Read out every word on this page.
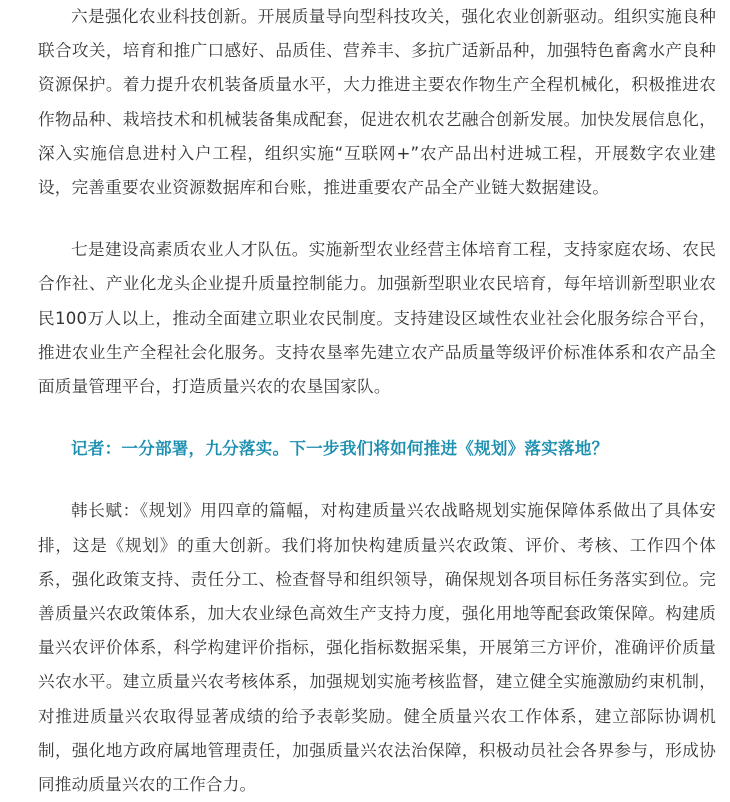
六是强化农业科技创新。开展质量导向型科技攻关，强化农业创新驱动。组织实施良种联合攻关，培育和推广口感好、品质佳、营养丰、多抗广适新品种，加强特色畜禽水产良种资源保护。着力提升农机装备质量水平，大力推进主要农作物生产全程机械化，积极推进农作物品种、栽培技术和机械装备集成配套，促进农机农艺融合创新发展。加快发展信息化，深入实施信息进村入户工程，组织实施“互联网+”农产品出村进城工程，开展数字农业建设，完善重要农业资源数据库和台账，推进重要农产品全产业链大数据建设。

七是建设高素质农业人才队伍。实施新型农业经营主体培育工程，支持家庭农场、农民合作社、产业化龙头企业提升质量控制能力。加强新型职业农民培育，每年培训新型职业农民100万人以上，推动全面建立职业农民制度。支持建设区域性农业社会化服务综合平台，推进农业生产全程社会化服务。支持农垦率先建立农产品质量等级评价标准体系和农产品全面质量管理平台，打造质量兴农的农垦国家队。

记者：一分部署，九分落实。下一步我们将如何推进《规划》落实落地？

韩长赋：《规划》用四章的篇幅，对构建质量兴农战略规划实施保障体系做出了具体安排，这是《规划》的重大创新。我们将加快构建质量兴农政策、评价、考核、工作四个体系，强化政策支持、责任分工、检查督导和组织领导，确保规划各项目标任务落实到位。完善质量兴农政策体系，加大农业绿色高效生产支持力度，强化用地等配套政策保障。构建质量兴农评价体系，科学构建评价指标，强化指标数据采集，开展第三方评价，准确评价质量兴农水平。建立质量兴农考核体系，加强规划实施考核监督，建立健全实施激励约束机制，对推进质量兴农取得显著成绩的给予表彰奖励。健全质量兴农工作体系，建立部际协调机制，强化地方政府属地管理责任，加强质量兴农法治保障，积极动员社会各界参与，形成协同推动质量兴农的工作合力。
